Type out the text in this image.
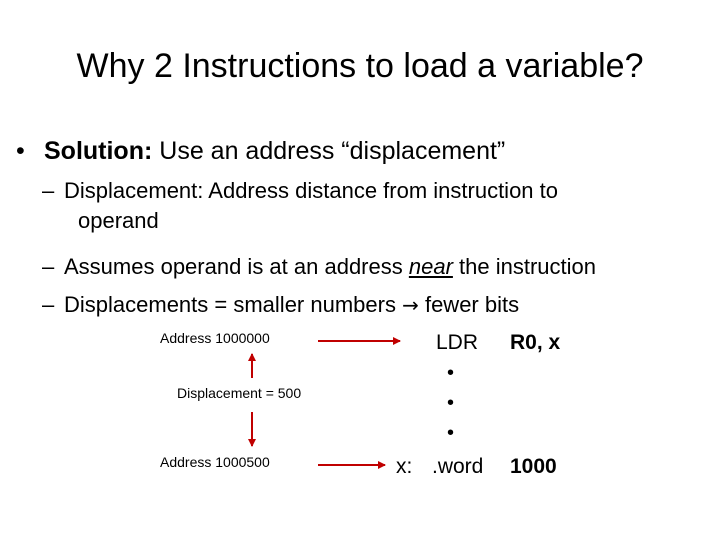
Why 2 Instructions to load a variable?
• Solution: Use an address “displacement”
– Displacement: Address distance from instruction to
operand
– Assumes operand is at an address near the instruction
– Displacements = smaller numbers → fewer bits
Address 1000000
Displacement = 500
Address 1000500
LDR R0, x
•
•
•
x: .word 1000
